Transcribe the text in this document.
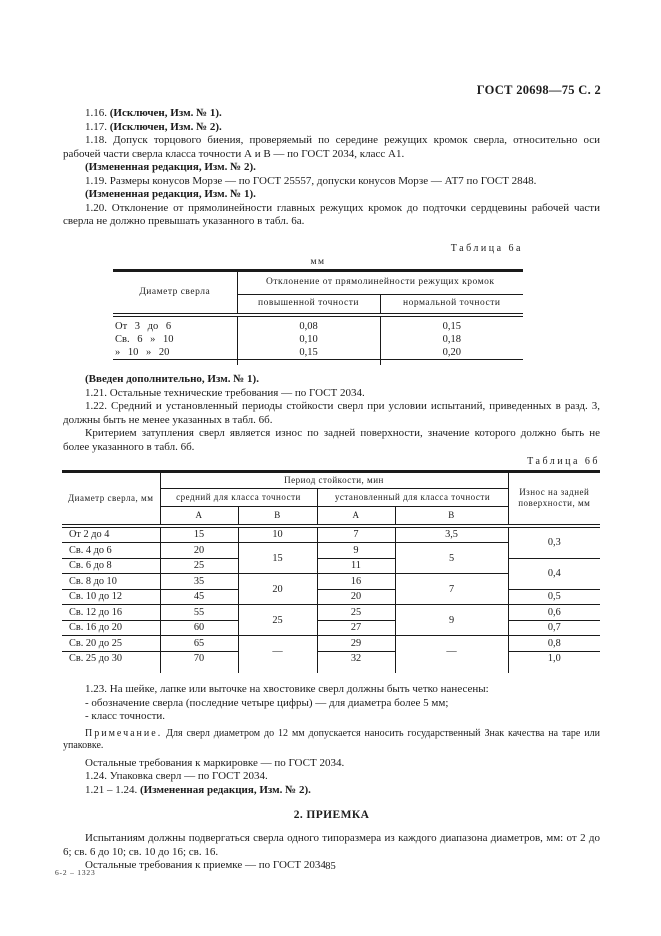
ГОСТ 20698—75 С. 2

1.16. (Исключен, Изм. № 1).

1.17. (Исключен, Изм. № 2).

1.18. Допуск торцового биения, проверяемый по середине режущих кромок сверла, относительно оси рабочей части сверла класса точности А и В — по ГОСТ 2034, класс А1.

(Измененная редакция, Изм. № 2).

1.19. Размеры конусов Морзе — по ГОСТ 25557, допуски конусов Морзе — АТ7 по ГОСТ 2848.

(Измененная редакция, Изм. № 1).

1.20. Отклонение от прямолинейности главных режущих кромок до подточки сердцевины рабочей части сверла не должно превышать указанного в табл. 6а.

Таблица 6а
мм
Диаметр сверла	Отклонение от прямолинейности режущих кромок	
	повышенной точности	нормальной точности
От 3 до 6	0,08	0,15
Св. 6 » 10	0,10	0,18
» 10 » 20	0,15	0,20

(Введен дополнительно, Изм. № 1).

1.21. Остальные технические требования — по ГОСТ 2034.

1.22. Средний и установленный периоды стойкости сверл при условии испытаний, приведенных в разд. 3, должны быть не менее указанных в табл. 6б.

Критерием затупления сверл является износ по задней поверхности, значение которого должно быть не более указанного в табл. 6б.

Таблица 6б
Диаметр сверла, мм	Период стойкости, мин				Износ на задней поверхности, мм
	средний для класса точности		установленный для класса точности		
	А	В	А	В	
От 2 до 4	15	10	7	3,5	0,3
Св. 4 до 6	20	15	9	5	
Св. 6 до 8	25		11		0,4
Св. 8 до 10	35	20	16	7	
Св. 10 до 12	45		20		0,5
Св. 12 до 16	55	25	25	9	0,6
Св. 16 до 20	60		27		0,7
Св. 20 до 25	65	—	29	—	0,8
Св. 25 до 30	70		32		1,0

1.23. На шейке, лапке или выточке на хвостовике сверл должны быть четко нанесены:

- обозначение сверла (последние четыре цифры) — для диаметра более 5 мм;

- класс точности.

Примечание. Для сверл диаметром до 12 мм допускается наносить государственный Знак качества на таре или упаковке.

Остальные требования к маркировке — по ГОСТ 2034.

1.24. Упаковка сверл — по ГОСТ 2034.

1.21 – 1.24. (Измененная редакция, Изм. № 2).

2. ПРИЕМКА

Испытаниям должны подвергаться сверла одного типоразмера из каждого диапазона диаметров, мм: от 2 до 6; св. 6 до 10; св. 10 до 16; св. 16.

Остальные требования к приемке — по ГОСТ 2034

6-2 – 1323
85
